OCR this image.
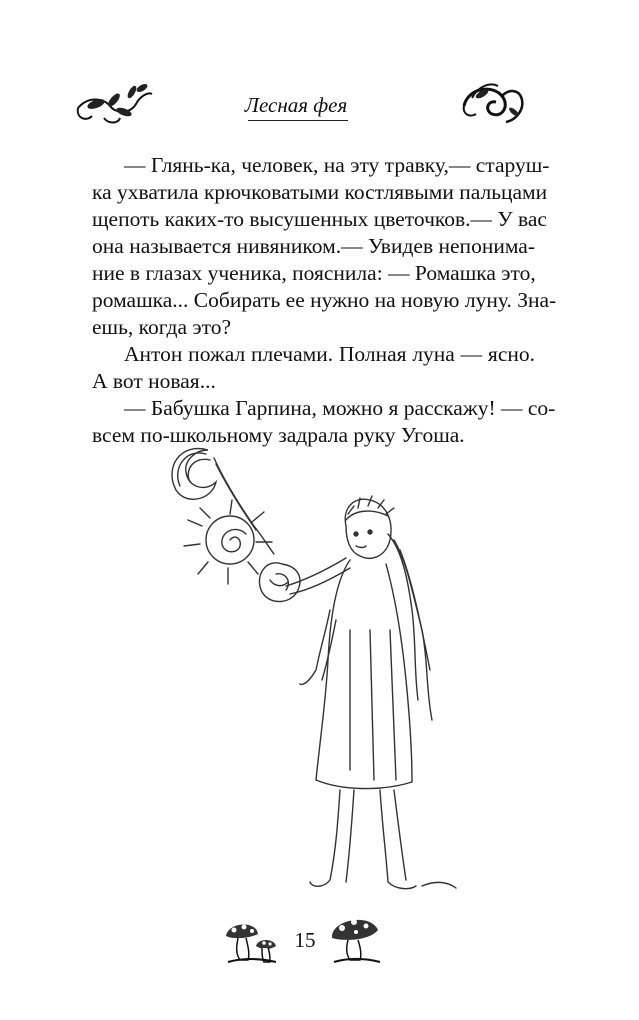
Лесная фея
— Глянь-ка, человек, на эту травку,— старуш-
ка ухватила крючковатыми костлявыми пальцами
щепоть каких-то высушенных цветочков.— У вас
она называется нивяником.— Увидев непонима-
ние в глазах ученика, пояснила: — Ромашка это,
ромашка... Собирать ее нужно на новую луну. Зна-
ешь, когда это?
Антон пожал плечами. Полная луна — ясно.
А вот новая...
— Бабушка Гарпина, можно я расскажу! — со-
всем по-школьному задрала руку Угоша.
15
